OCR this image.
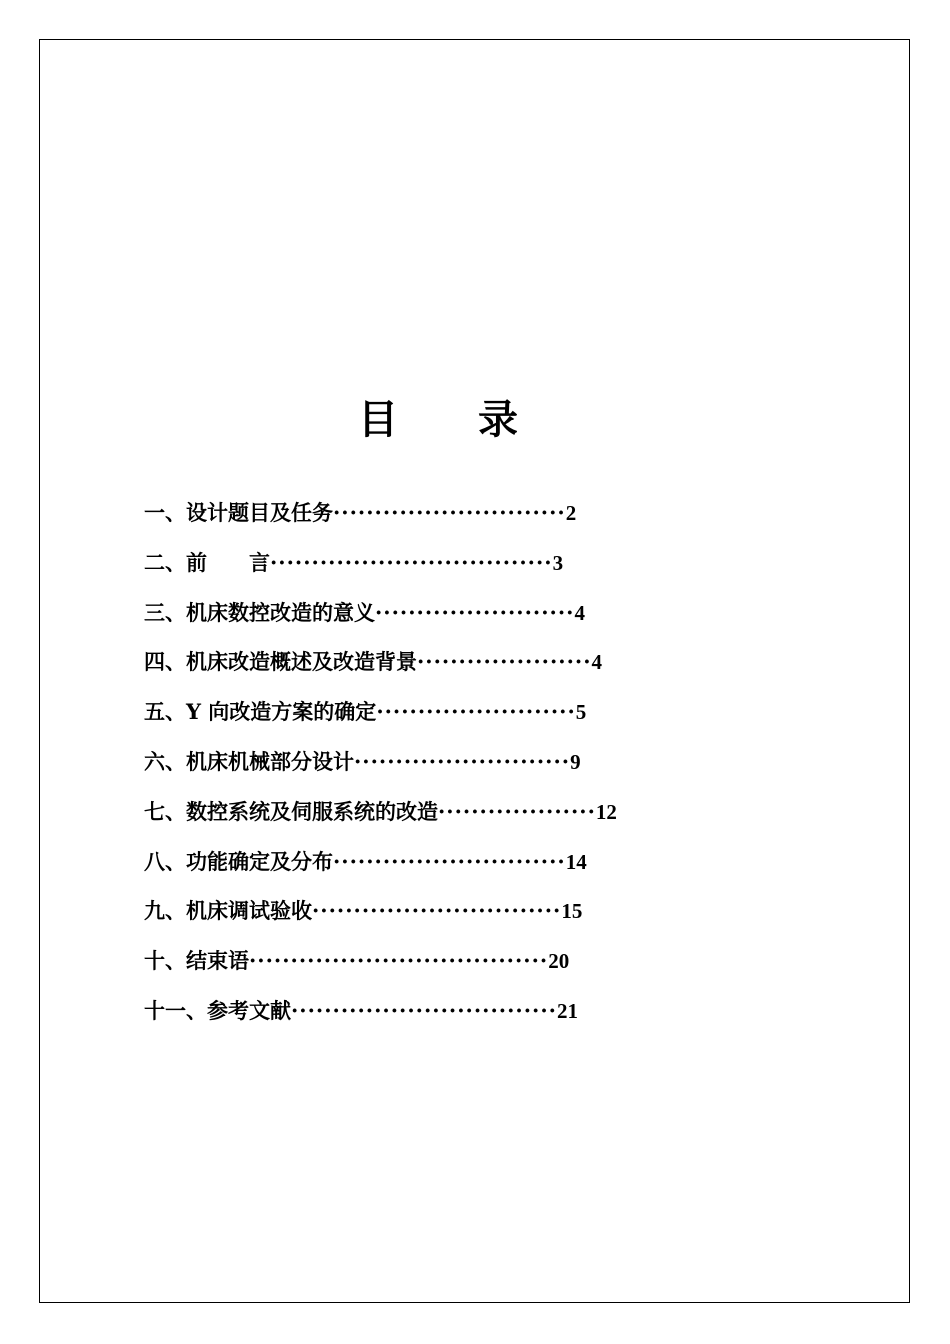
目 录
一、设计题目及任务····························2
二、前　　言··································3
三、机床数控改造的意义························4
四、机床改造概述及改造背景·····················4
五、Y 向改造方案的确定························5
六、机床机械部分设计··························9
七、数控系统及伺服系统的改造···················12
八、功能确定及分布····························14
九、机床调试验收······························15
十、结束语····································20
十一、参考文献································21
